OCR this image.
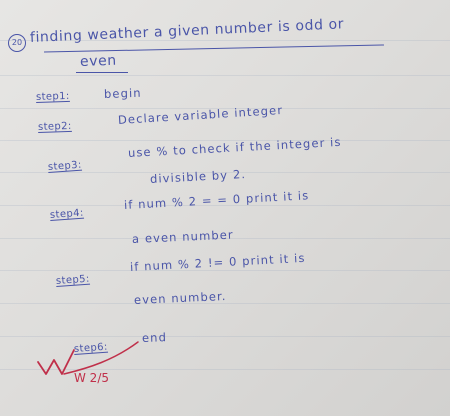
20 finding weather a given number is odd or
even
step1:	begin
step2:	Declare variable integer
step3:
use % to check if the integer is
divisible by 2.
step4:
if num % 2 = = 0 print it is
a even number
step5:
if num % 2 != 0 print it is
even number.
step6:
end
W 2/5
